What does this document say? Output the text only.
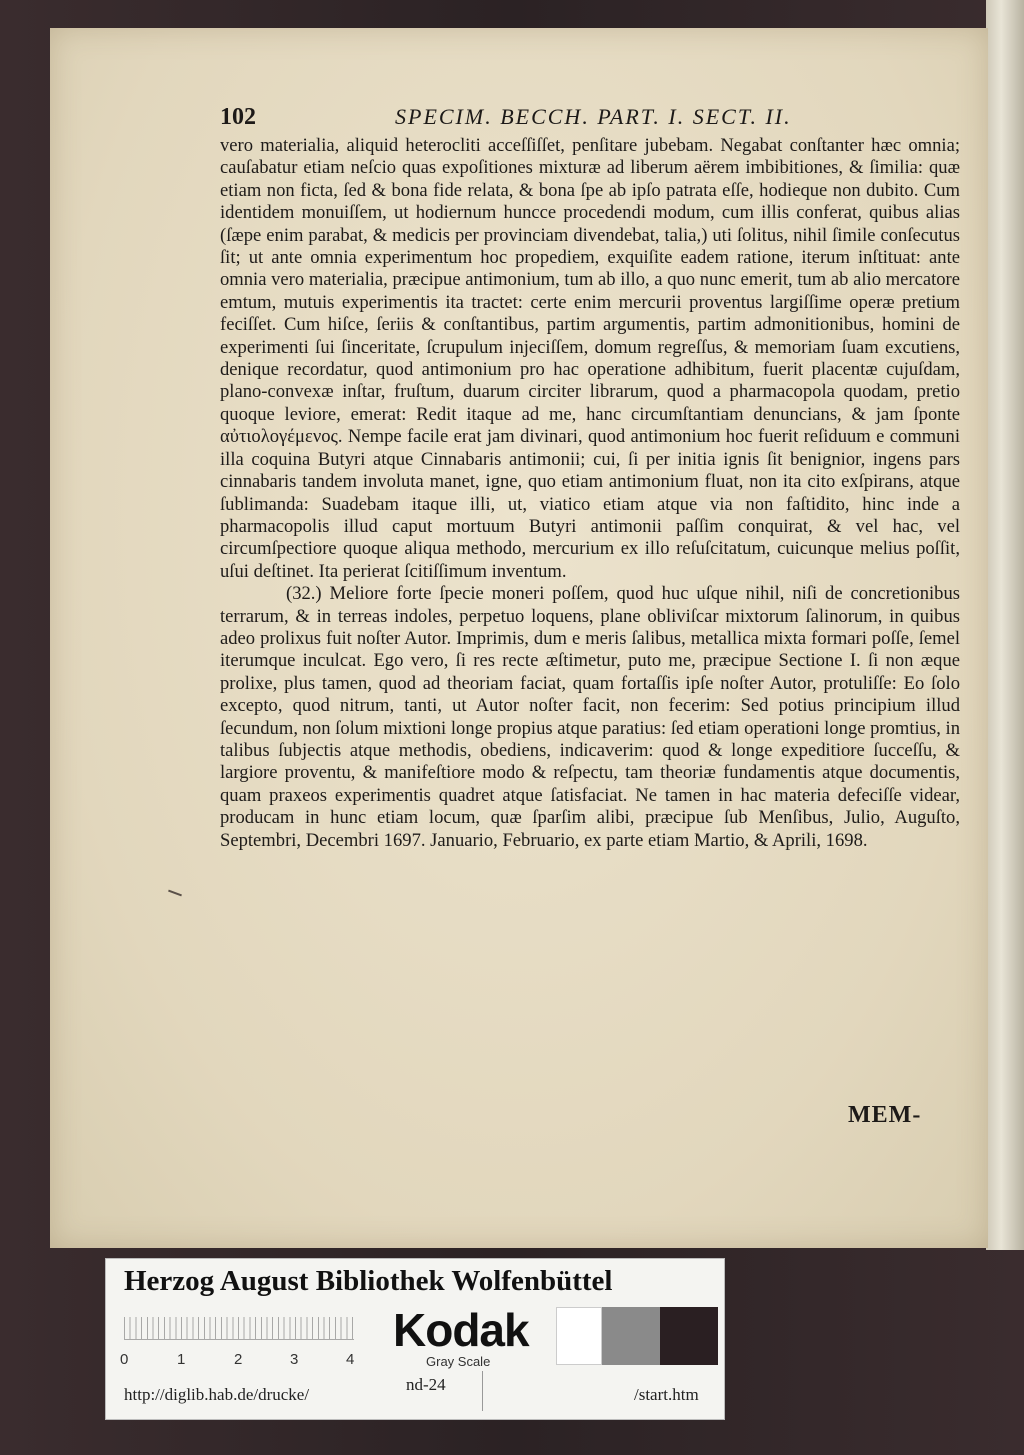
102	SPECIM. BECCH. PART. I. SECT. II.

vero materialia, aliquid heterocliti acceſſiſſet, penſitare jubebam. Negabat conſtanter hæc omnia; cauſabatur etiam neſcio quas expoſitiones mixturæ ad liberum aërem imbibitiones, & ſimilia: quæ etiam non ficta, ſed & bona fide relata, & bona ſpe ab ipſo patrata eſſe, hodieque non dubito. Cum identidem monuiſſem, ut hodiernum huncce procedendi modum, cum illis conferat, quibus alias (ſæpe enim parabat, & medicis per provinciam divendebat, talia,) uti ſolitus, nihil ſimile conſecutus ſit; ut ante omnia experimentum hoc propediem, exquiſite eadem ratione, iterum inſtituat: ante omnia vero materialia, præcipue antimonium, tum ab illo, a quo nunc emerit, tum ab alio mercatore emtum, mutuis experimentis ita tractet: certe enim mercurii proventus largiſſime operæ pretium feciſſet. Cum hiſce, ſeriis & conſtantibus, partim argumentis, partim admonitionibus, homini de experimenti ſui ſinceritate, ſcrupulum injeciſſem, domum regreſſus, & memoriam ſuam excutiens, denique recordatur, quod antimonium pro hac operatione adhibitum, fuerit placentæ cujuſdam, plano-convexæ inſtar, fruſtum, duarum circiter librarum, quod a pharmacopola quodam, pretio quoque leviore, emerat: Redit itaque ad me, hanc circumſtantiam denuncians, & jam ſponte αὐτιολογέμενος. Nempe facile erat jam divinari, quod antimonium hoc fuerit reſiduum e communi illa coquina Butyri atque Cinnabaris antimonii; cui, ſi per initia ignis ſit benignior, ingens pars cinnabaris tandem involuta manet, igne, quo etiam antimonium fluat, non ita cito exſpirans, atque ſublimanda: Suadebam itaque illi, ut, viatico etiam atque via non faſtidito, hinc inde a pharmacopolis illud caput mortuum Butyri antimonii paſſim conquirat, & vel hac, vel circumſpectiore quoque aliqua methodo, mercurium ex illo reſuſcitatum, cuicunque melius poſſit, uſui deſtinet. Ita perierat ſcitiſſimum inventum.

(32.) Meliore forte ſpecie moneri poſſem, quod huc uſque nihil, niſi de concretionibus terrarum, & in terreas indoles, perpetuo loquens, plane obliviſcar mixtorum ſalinorum, in quibus adeo prolixus fuit noſter Autor. Imprimis, dum e meris ſalibus, metallica mixta formari poſſe, ſemel iterumque inculcat. Ego vero, ſi res recte æſtimetur, puto me, præcipue Sectione I. ſi non æque prolixe, plus tamen, quod ad theoriam faciat, quam fortaſſis ipſe noſter Autor, protuliſſe: Eo ſolo excepto, quod nitrum, tanti, ut Autor noſter facit, non fecerim: Sed potius principium illud ſecundum, non ſolum mixtioni longe propius atque paratius: ſed etiam operationi longe promtius, in talibus ſubjectis atque methodis, obediens, indicaverim: quod & longe expeditiore ſucceſſu, & largiore proventu, & manifeſtiore modo & reſpectu, tam theoriæ fundamentis atque documentis, quam praxeos experimentis quadret atque ſatisfaciat. Ne tamen in hac materia defeciſſe videar, producam in hunc etiam locum, quæ ſparſim alibi, præcipue ſub Menſibus, Julio, Auguſto, Septembri, Decembri 1697. Januario, Februario, ex parte etiam Martio, & Aprili, 1698.

MEM-
Herzog August Bibliothek Wolfenbüttel
0	1	2	3	4
Kodak
Gray Scale
http://diglib.hab.de/drucke/
nd-24
/start.htm
